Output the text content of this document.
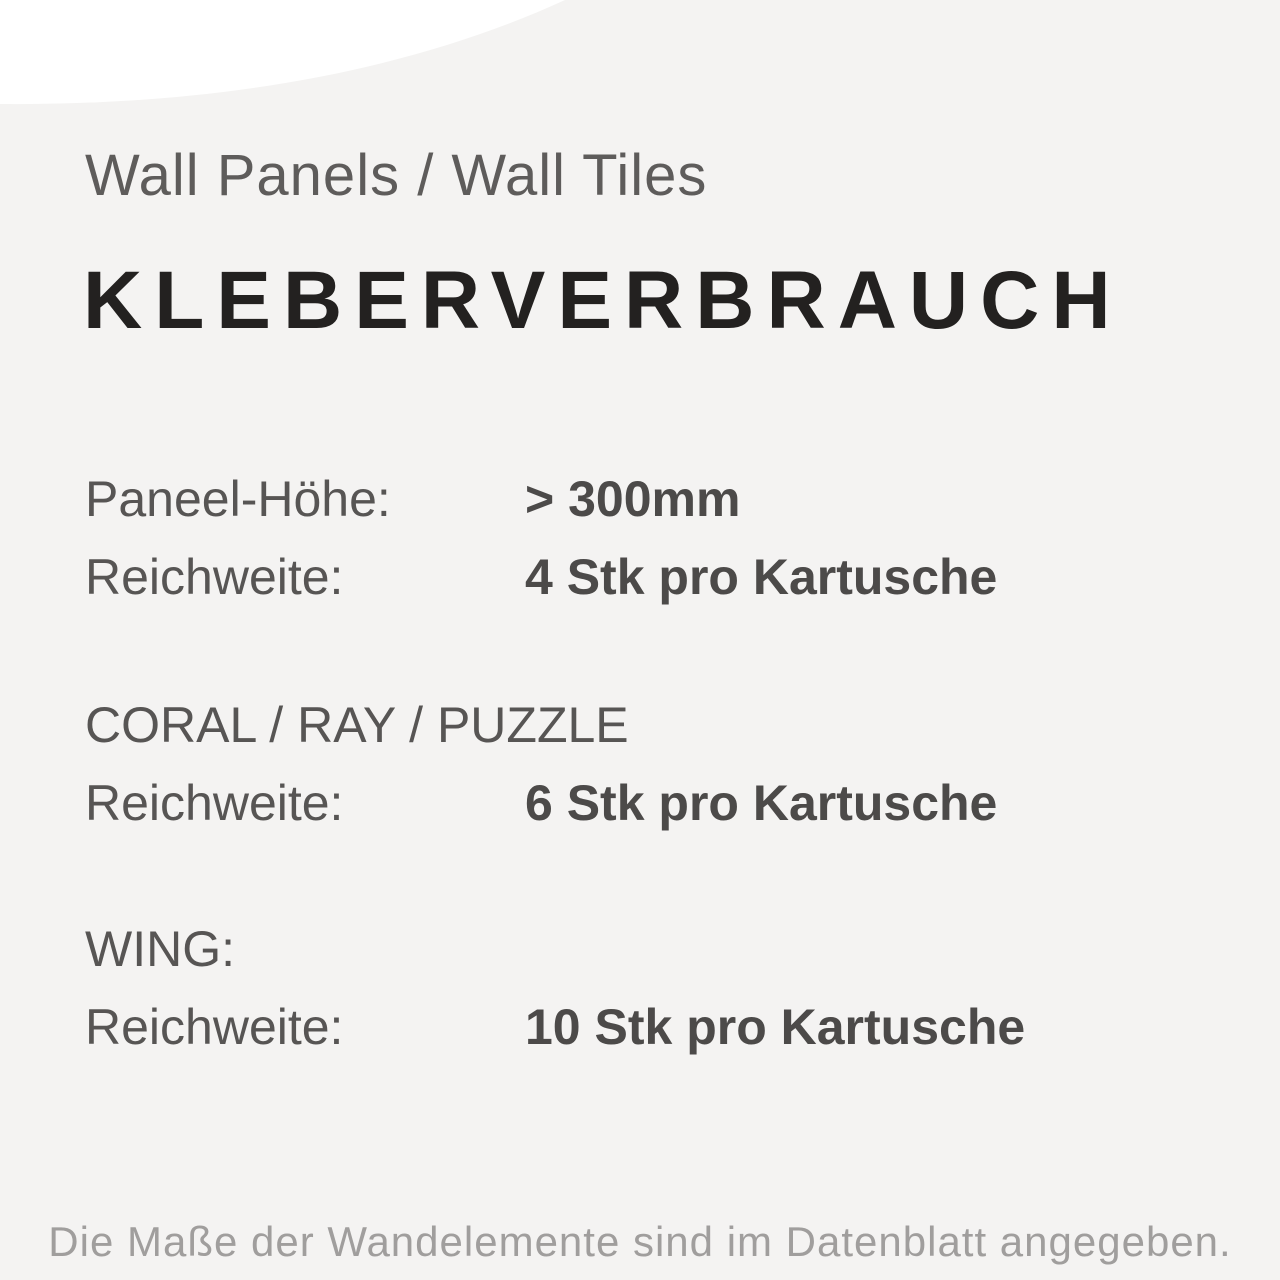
Wall Panels / Wall Tiles
KLEBERVERBRAUCH
Paneel-Höhe:	> 300mm
Reichweite:	4 Stk pro Kartusche
CORAL / RAY / PUZZLE
Reichweite:	6 Stk pro Kartusche
WING:
Reichweite:	10 Stk pro Kartusche
Die Maße der Wandelemente sind im Datenblatt angegeben.
